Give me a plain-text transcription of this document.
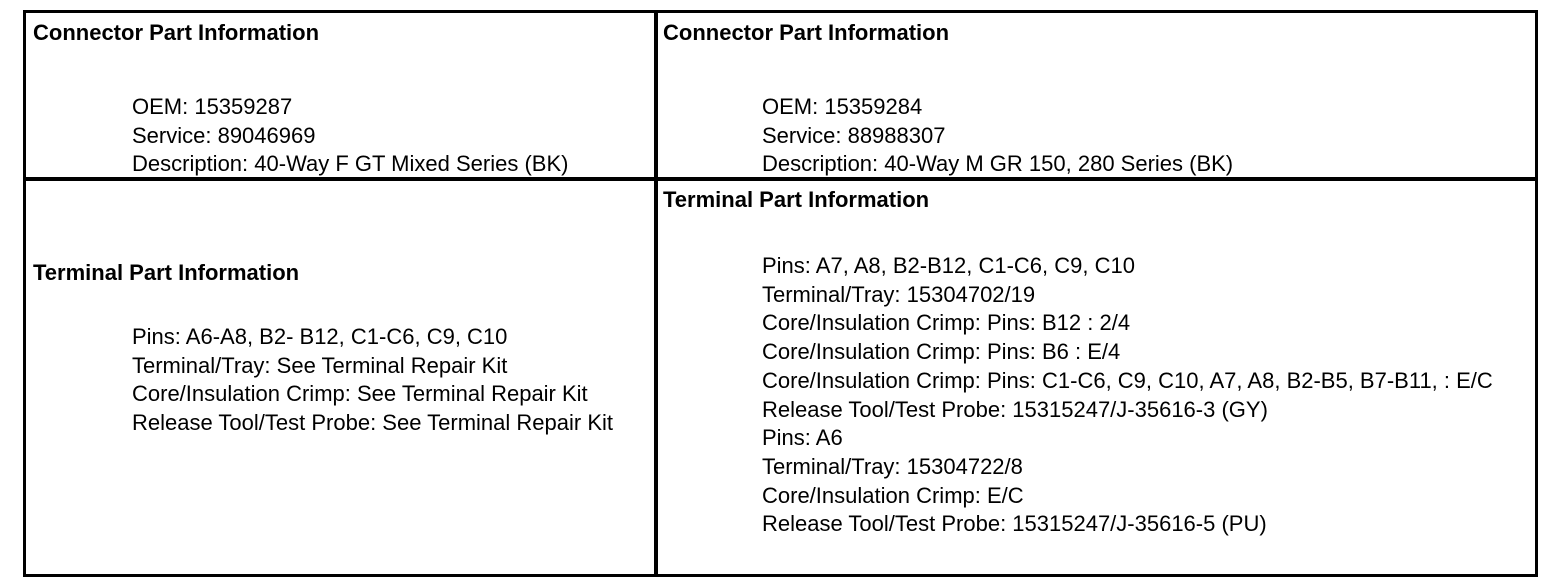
Connector Part Information
OEM: 15359287
Service: 89046969
Description: 40-Way F GT Mixed Series (BK)
Connector Part Information
OEM: 15359284
Service: 88988307
Description: 40-Way M GR 150, 280 Series (BK)
Terminal Part Information
Pins: A6-A8, B2- B12, C1-C6, C9, C10
Terminal/Tray: See Terminal Repair Kit
Core/Insulation Crimp: See Terminal Repair Kit
Release Tool/Test Probe: See Terminal Repair Kit
Terminal Part Information
Pins: A7, A8, B2-B12, C1-C6, C9, C10
Terminal/Tray: 15304702/19
Core/Insulation Crimp: Pins: B12 : 2/4
Core/Insulation Crimp: Pins: B6 : E/4
Core/Insulation Crimp: Pins: C1-C6, C9, C10, A7, A8, B2-B5, B7-B11, : E/C
Release Tool/Test Probe: 15315247/J-35616-3 (GY)
Pins: A6
Terminal/Tray: 15304722/8
Core/Insulation Crimp: E/C
Release Tool/Test Probe: 15315247/J-35616-5 (PU)
